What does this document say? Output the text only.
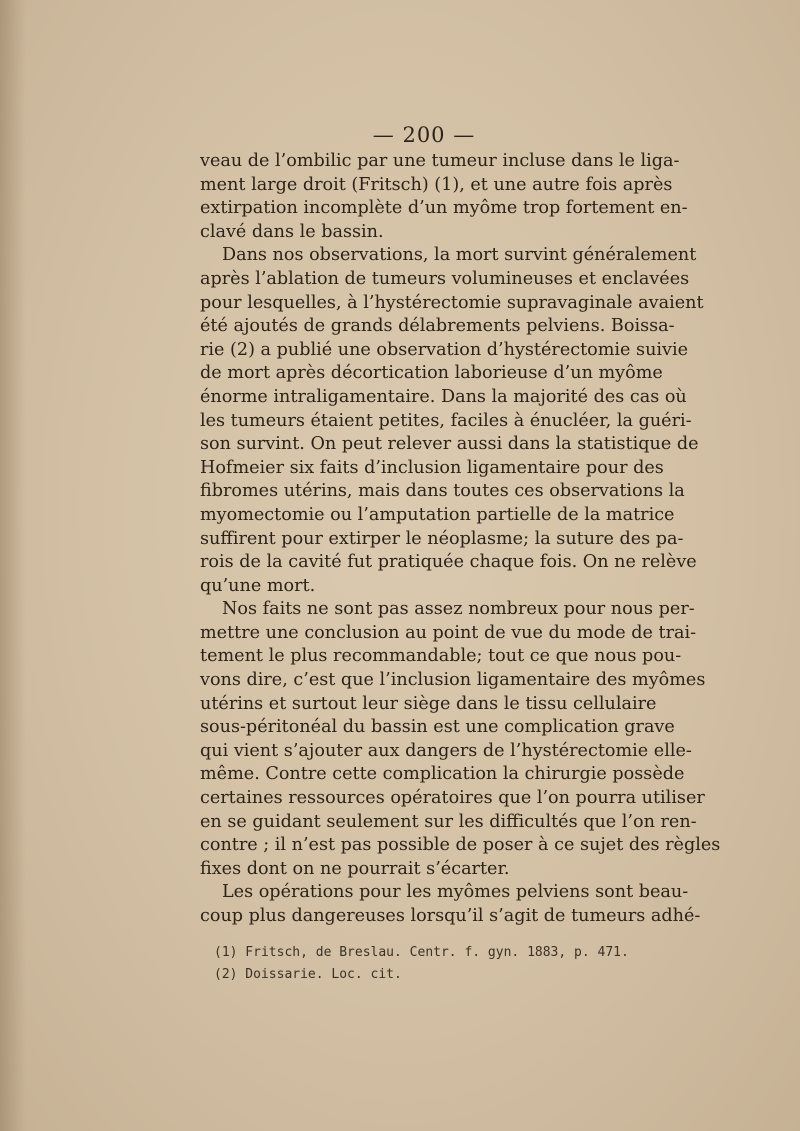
— 200 —
veau de l’ombilic par une tumeur incluse dans le liga-
ment large droit (Fritsch) (1), et une autre fois après
extirpation incomplète d’un myôme trop fortement en-
clavé dans le bassin.
Dans nos observations, la mort survint généralement
après l’ablation de tumeurs volumineuses et enclavées
pour lesquelles, à l’hystérectomie supravaginale avaient
été ajoutés de grands délabrements pelviens. Boissa-
rie (2) a publié une observation d’hystérectomie suivie
de mort après décortication laborieuse d’un myôme
énorme intraligamentaire. Dans la majorité des cas où
les tumeurs étaient petites, faciles à énucléer, la guéri-
son survint. On peut relever aussi dans la statistique de
Hofmeier six faits d’inclusion ligamentaire pour des
fibromes utérins, mais dans toutes ces observations la
myomectomie ou l’amputation partielle de la matrice
suffirent pour extirper le néoplasme; la suture des pa-
rois de la cavité fut pratiquée chaque fois. On ne relève
qu’une mort.
Nos faits ne sont pas assez nombreux pour nous per-
mettre une conclusion au point de vue du mode de trai-
tement le plus recommandable; tout ce que nous pou-
vons dire, c’est que l’inclusion ligamentaire des myômes
utérins et surtout leur siège dans le tissu cellulaire
sous-péritonéal du bassin est une complication grave
qui vient s’ajouter aux dangers de l’hystérectomie elle-
même. Contre cette complication la chirurgie possède
certaines ressources opératoires que l’on pourra utiliser
en se guidant seulement sur les difficultés que l’on ren-
contre ; il n’est pas possible de poser à ce sujet des règles
fixes dont on ne pourrait s’écarter.
Les opérations pour les myômes pelviens sont beau-
coup plus dangereuses lorsqu’il s’agit de tumeurs adhé-
(1) Fritsch, de Breslau. Centr. f. gyn. 1883, p. 471.
(2) Doissarie. Loc. cit.
